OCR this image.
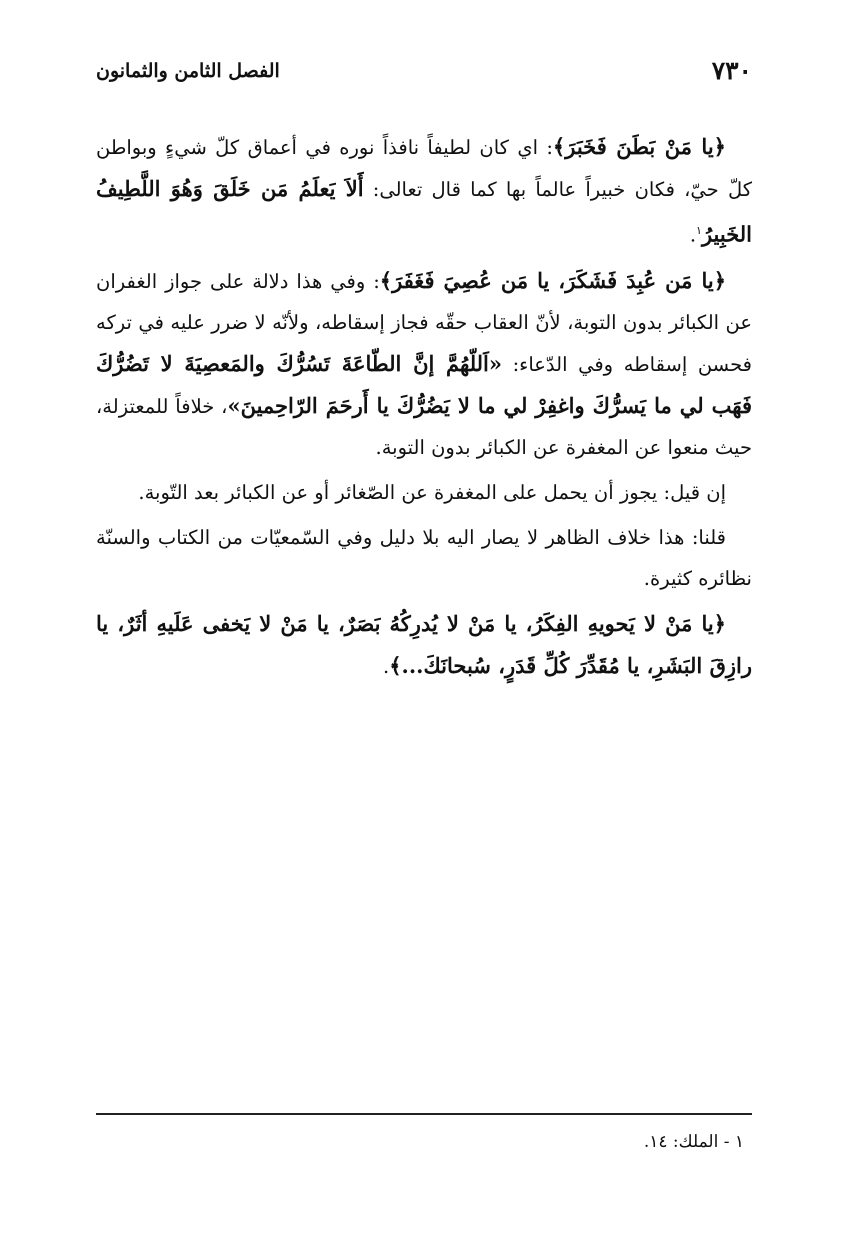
٧٣٠
الفصل الثامن والثمانون

﴿يا مَنْ بَطَنَ فَخَبَرَ﴾: اي كان لطيفاً نافذاً نوره في أعماق كلّ شيءٍ وبواطن كلّ حيّ، فكان خبيراً عالماً بها كما قال تعالى: أَلاَ يَعلَمُ مَن خَلَقَ وَهُوَ اللَّطِيفُ الخَبِيرُ$^١$.

﴿يا مَن عُبِدَ فَشَكَرَ، يا مَن عُصِيَ فَغَفَرَ﴾: وفي هذا دلالة على جواز الغفران عن الكبائر بدون التوبة، لأنّ العقاب حقّه فجاز إسقاطه، ولأنّه لا ضرر عليه في تركه فحسن إسقاطه وفي الدّعاء: «اَللّهُمَّ إنَّ الطّاعَةَ تَسُرُّكَ والمَعصِيَةَ لا تَضُرُّكَ فَهَب لي ما يَسرُّكَ واغفِرْ لي ما لا يَضُرُّكَ يا أَرحَمَ الرّاحِمينَ»، خلافاً للمعتزلة، حيث منعوا عن المغفرة عن الكبائر بدون التوبة.

إن قيل: يجوز أن يحمل على المغفرة عن الصّغائر أو عن الكبائر بعد التّوبة.

قلنا: هذا خلاف الظاهر لا يصار اليه بلا دليل وفي السّمعيّات من الكتاب والسنّة نظائره كثيرة.

﴿يا مَنْ لا يَحويهِ الفِكَرُ، يا مَنْ لا يُدرِكُهُ بَصَرٌ، يا مَنْ لا يَخفى عَلَيهِ أثَرٌ، يا رازِقَ البَشَرِ، يا مُقَدِّرَ كُلِّ قَدَرٍ، سُبحانَكَ...﴾.

١ - الملك: ١٤.
